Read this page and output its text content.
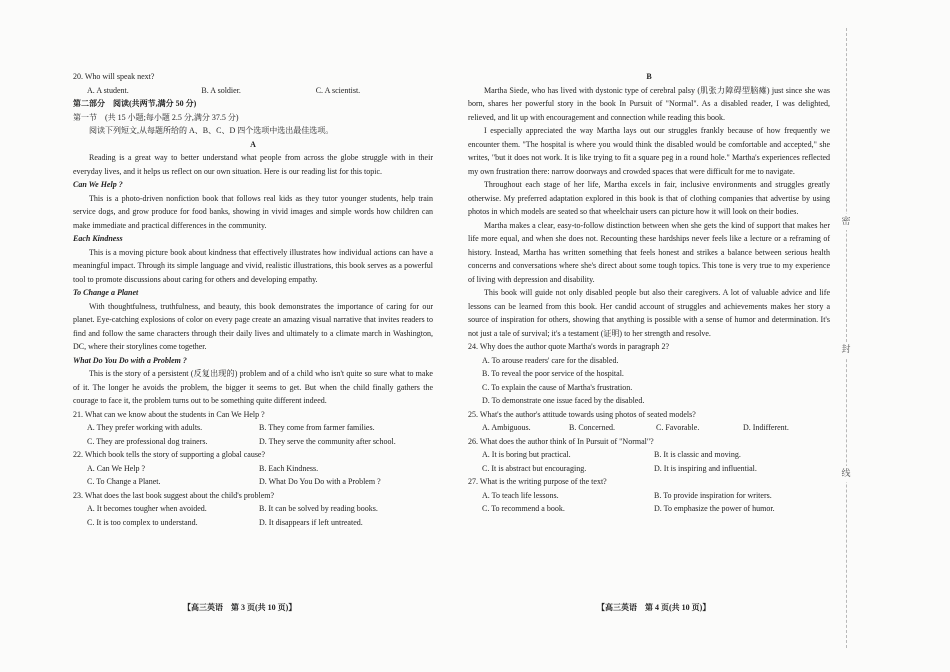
20. Who will speak next?

A. A student.	B. A soldier.	C. A scientist.

第二部分　阅读(共两节,满分 50 分)

第一节　(共 15 小题;每小题 2.5 分,满分 37.5 分)

阅读下列短文,从每题所给的 A、B、C、D 四个选项中选出最佳选项。

A

Reading is a great way to better understand what people from across the globe struggle with in their everyday lives, and it helps us reflect on our own situation. Here is our reading list for this topic.

Can We Help ?

This is a photo-driven nonfiction book that follows real kids as they tutor younger students, help train service dogs, and grow produce for food banks, showing in vivid images and simple words how children can make immediate and practical differences in the community.

Each Kindness

This is a moving picture book about kindness that effectively illustrates how individual actions can have a meaningful impact. Through its simple language and vivid, realistic illustrations, this book serves as a powerful tool to promote discussions about caring for others and developing empathy.

To Change a Planet

With thoughtfulness, truthfulness, and beauty, this book demonstrates the importance of caring for our planet. Eye-catching explosions of color on every page create an amazing visual narrative that invites readers to find and follow the same characters through their daily lives and ultimately to a climate march in Washington, DC, where their storylines come together.

What Do You Do with a Problem ?

This is the story of a persistent (反复出现的) problem and of a child who isn't quite so sure what to make of it. The longer he avoids the problem, the bigger it seems to get. But when the child finally gathers the courage to face it, the problem turns out to be something quite different indeed.

21. What can we know about the students in Can We Help ?

A. They prefer working with adults.	B. They come from farmer families.
C. They are professional dog trainers.	D. They serve the community after school.

22. Which book tells the story of supporting a global cause?

A. Can We Help ?	B. Each Kindness.
C. To Change a Planet.	D. What Do You Do with a Problem ?

23. What does the last book suggest about the child's problem?

A. It becomes tougher when avoided.	B. It can be solved by reading books.
C. It is too complex to understand.	D. It disappears if left untreated.
【高三英语　第 3 页(共 10 页)】

B

Martha Siede, who has lived with dystonic type of cerebral palsy (肌张力障碍型脑瘫) just since she was born, shares her powerful story in the book In Pursuit of "Normal". As a disabled reader, I was delighted, relieved, and lit up with encouragement and connection while reading this book.

I especially appreciated the way Martha lays out our struggles frankly because of how frequently we encounter them. "The hospital is where you would think the disabled would be comfortable and accepted," she writes, "but it does not work. It is like trying to fit a square peg in a round hole." Martha's experiences reflected my own frustration there: narrow doorways and crowded spaces that were difficult for me to navigate.

Throughout each stage of her life, Martha excels in fair, inclusive environments and struggles greatly otherwise. My preferred adaptation explored in this book is that of clothing companies that advertise by using photos in which models are seated so that wheelchair users can picture how it will look on their bodies.

Martha makes a clear, easy-to-follow distinction between when she gets the kind of support that makes her life more equal, and when she does not. Recounting these hardships never feels like a lecture or a reframing of history. Instead, Martha has written something that feels honest and strikes a balance between serious health concerns and conversations where she's direct about some tough topics. This tone is very true to my experience of living with depression and disability.

This book will guide not only disabled people but also their caregivers. A lot of valuable advice and life lessons can be learned from this book. Her candid account of struggles and achievements makes her story a source of inspiration for others, showing that anything is possible with a sense of humor and determination. It's not just a tale of survival; it's a testament (证明) to her strength and resolve.

24. Why does the author quote Martha's words in paragraph 2?

A. To arouse readers' care for the disabled.

B. To reveal the poor service of the hospital.

C. To explain the cause of Martha's frustration.

D. To demonstrate one issue faced by the disabled.

25. What's the author's attitude towards using photos of seated models?

A. Ambiguous.	B. Concerned.	C. Favorable.	D. Indifferent.

26. What does the author think of In Pursuit of "Normal"?

A. It is boring but practical.	B. It is classic and moving.
C. It is abstract but encouraging.	D. It is inspiring and influential.

27. What is the writing purpose of the text?

A. To teach life lessons.	B. To provide inspiration for writers.
C. To recommend a book.	D. To emphasize the power of humor.
【高三英语　第 4 页(共 10 页)】
密
封
线
